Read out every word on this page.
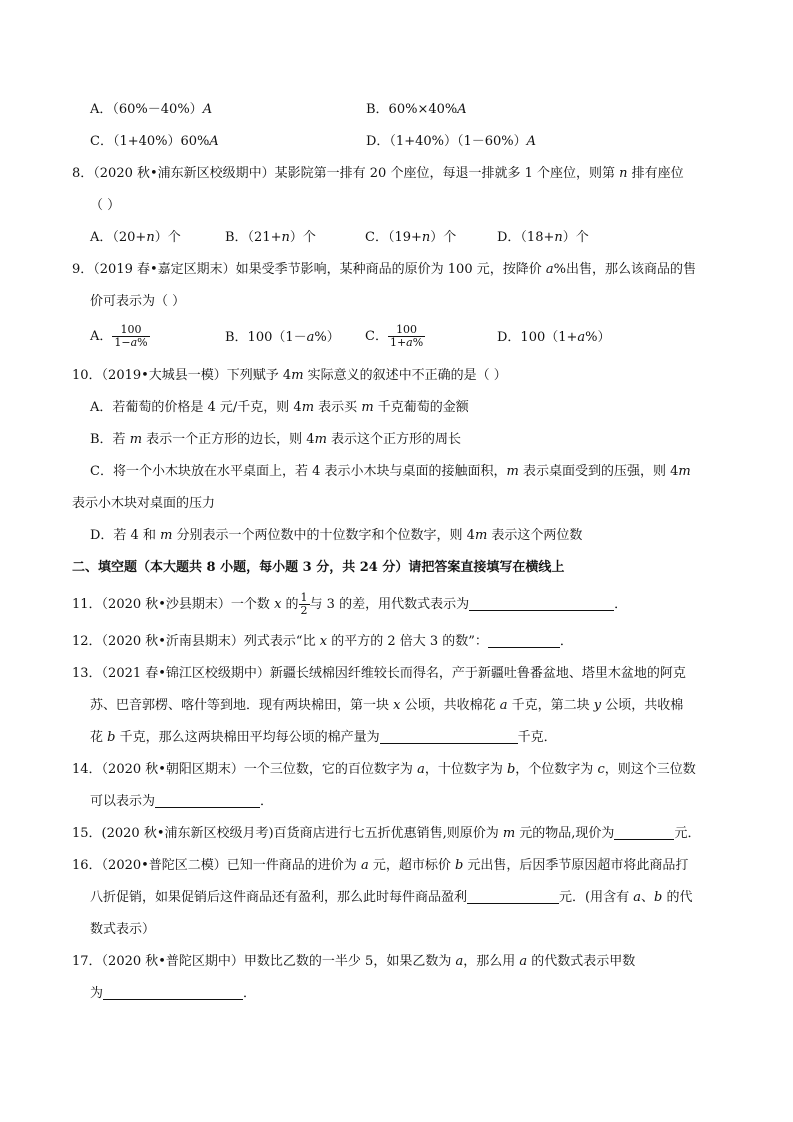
A．（60%－40%）A	B．60%×40%A
C．（1+40%）60%A	D．（1+40%）（1－60%）A
8．（2020 秋•浦东新区校级期中）某影院第一排有 20 个座位，每退一排就多 1 个座位，则第 n 排有座位
（ ）
A．（20+n）个	B．（21+n）个	C．（19+n）个	D．（18+n）个
9．（2019 春•嘉定区期末）如果受季节影响，某种商品的原价为 100 元，按降价 a%出售，那么该商品的售
价可表示为（ ）
A． $\frac{100}{1-a\%}$	B．100（1－a%） C． $\frac{100}{1+a\%}$	D．100（1+a%）
10．（2019•大城县一模）下列赋予 4m 实际意义的叙述中不正确的是（ ）
A．若葡萄的价格是 4 元/千克，则 4m 表示买 m 千克葡萄的金额
B．若 m 表示一个正方形的边长，则 4m 表示这个正方形的周长
C．将一个小木块放在水平桌面上，若 4 表示小木块与桌面的接触面积，m 表示桌面受到的压强，则 4m
表示小木块对桌面的压力
D．若 4 和 m 分别表示一个两位数中的十位数字和个位数字，则 4m 表示这个两位数
二、填空题（本大题共 8 小题，每小题 3 分，共 24 分）请把答案直接填写在横线上
11．（2020 秋•沙县期末）一个数 x 的 $\frac{1}{2}$ 与 3 的差，用代数式表示为	．
12．（2020 秋•沂南县期末）列式表示“比 x 的平方的 2 倍大 3 的数”：	．
13．（2021 春•锦江区校级期中）新疆长绒棉因纤维较长而得名，产于新疆吐鲁番盆地、塔里木盆地的阿克
苏、巴音郭楞、喀什等到地．现有两块棉田，第一块 x 公顷，共收棉花 a 千克，第二块 y 公顷，共收棉
花 b 千克，那么这两块棉田平均每公顷的棉产量为	千克．
14．（2020 秋•朝阳区期末）一个三位数，它的百位数字为 a，十位数字为 b，个位数字为 c，则这个三位数
可以表示为	．
15．(2020 秋•浦东新区校级月考)百货商店进行七五折优惠销售,则原价为 m 元的物品,现价为	元．
16．（2020•普陀区二模）已知一件商品的进价为 a 元，超市标价 b 元出售，后因季节原因超市将此商品打
八折促销，如果促销后这件商品还有盈利，那么此时每件商品盈利	元．(用含有 a、b 的代
数式表示）
17．（2020 秋•普陀区期中）甲数比乙数的一半少 5，如果乙数为 a，那么用 a 的代数式表示甲数
为	．
